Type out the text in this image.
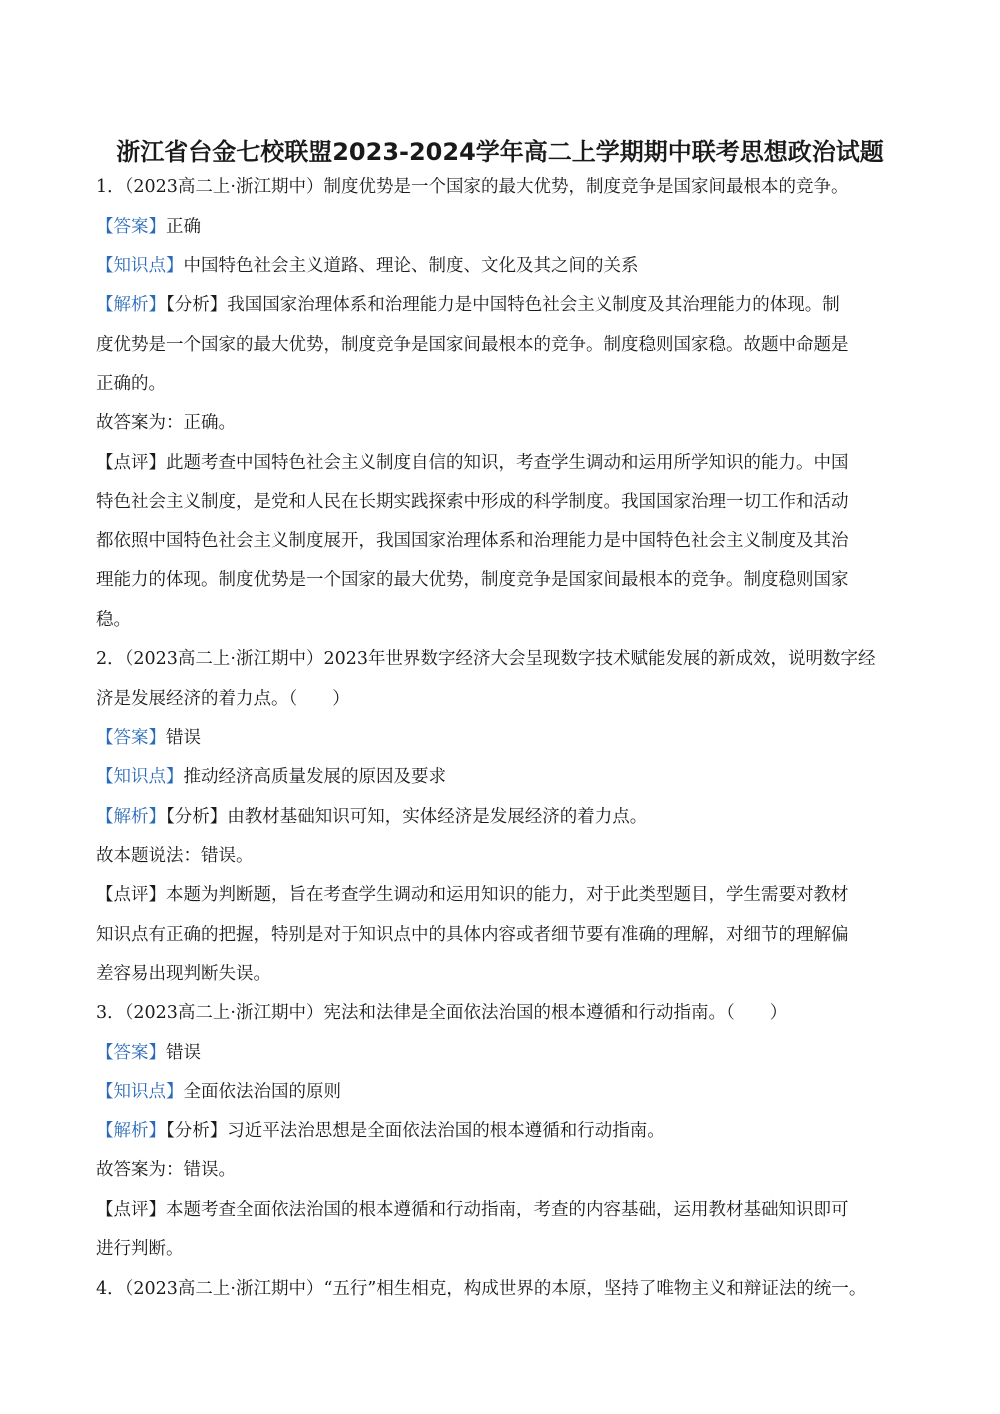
浙江省台金七校联盟2023-2024学年高二上学期期中联考思想政治试题
1．（2023高二上·浙江期中）制度优势是一个国家的最大优势，制度竞争是国家间最根本的竞争。
【答案】正确
【知识点】中国特色社会主义道路、理论、制度、文化及其之间的关系
【解析】【分析】我国国家治理体系和治理能力是中国特色社会主义制度及其治理能力的体现。制
度优势是一个国家的最大优势，制度竞争是国家间最根本的竞争。制度稳则国家稳。故题中命题是
正确的。
故答案为：正确。
【点评】此题考查中国特色社会主义制度自信的知识，考查学生调动和运用所学知识的能力。中国
特色社会主义制度，是党和人民在长期实践探索中形成的科学制度。我国国家治理一切工作和活动
都依照中国特色社会主义制度展开，我国国家治理体系和治理能力是中国特色社会主义制度及其治
理能力的体现。制度优势是一个国家的最大优势，制度竞争是国家间最根本的竞争。制度稳则国家
稳。
2．（2023高二上·浙江期中）2023年世界数字经济大会呈现数字技术赋能发展的新成效，说明数字经
济是发展经济的着力点。（　　）
【答案】错误
【知识点】推动经济高质量发展的原因及要求
【解析】【分析】由教材基础知识可知，实体经济是发展经济的着力点。
故本题说法：错误。
【点评】本题为判断题，旨在考查学生调动和运用知识的能力，对于此类型题目，学生需要对教材
知识点有正确的把握，特别是对于知识点中的具体内容或者细节要有准确的理解，对细节的理解偏
差容易出现判断失误。
3．（2023高二上·浙江期中）宪法和法律是全面依法治国的根本遵循和行动指南。（　　）
【答案】错误
【知识点】全面依法治国的原则
【解析】【分析】习近平法治思想是全面依法治国的根本遵循和行动指南。
故答案为：错误。
【点评】本题考查全面依法治国的根本遵循和行动指南，考查的内容基础，运用教材基础知识即可
进行判断。
4．（2023高二上·浙江期中）“五行”相生相克，构成世界的本原，坚持了唯物主义和辩证法的统一。
